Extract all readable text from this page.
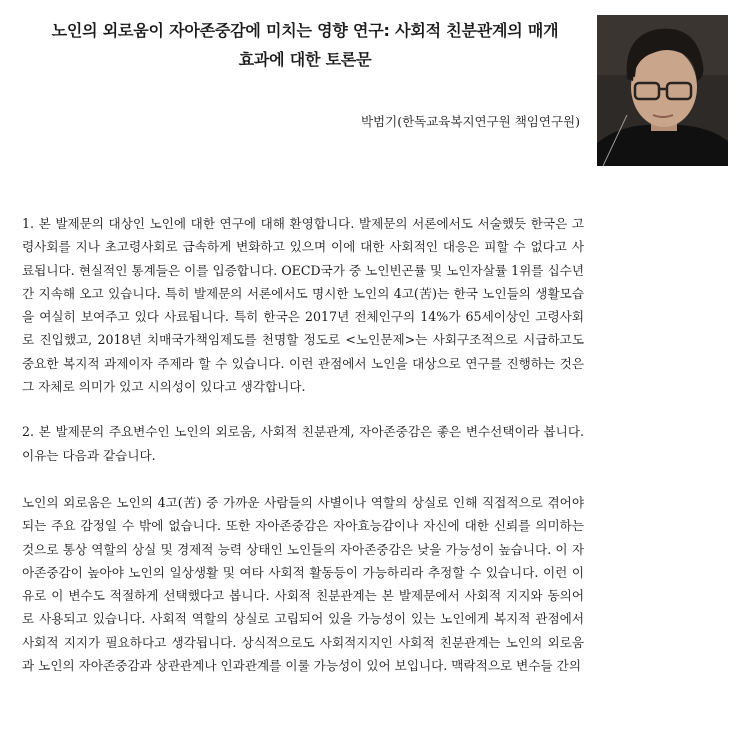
노인의 외로움이 자아존중감에 미치는 영향 연구: 사회적 친분관계의 매개
효과에 대한 토론문

박범기(한독교육복지연구원 책임연구원)

1. 본 발제문의 대상인 노인에 대한 연구에 대해 환영합니다. 발제문의 서론에서도 서술했듯 한국은 고령사회를 지나 초고령사회로 급속하게 변화하고 있으며 이에 대한 사회적인 대응은 피할 수 없다고 사료됩니다. 현실적인 통계들은 이를 입증합니다. OECD국가 중 노인빈곤률 및 노인자살률 1위를 십수년간 지속해 오고 있습니다. 특히 발제문의 서론에서도 명시한 노인의 4고(苦)는 한국 노인들의 생활모습을 여실히 보여주고 있다 사료됩니다. 특히 한국은 2017년 전체인구의 14%가 65세이상인 고령사회로 진입했고, 2018년 치매국가책임제도를 천명할 정도로 <노인문제>는 사회구조적으로 시급하고도 중요한 복지적 과제이자 주제라 할 수 있습니다. 이런 관점에서 노인을 대상으로 연구를 진행하는 것은 그 자체로 의미가 있고 시의성이 있다고 생각합니다.

2. 본 발제문의 주요변수인 노인의 외로움, 사회적 친분관계, 자아존중감은 좋은 변수선택이라 봅니다. 이유는 다음과 같습니다.

노인의 외로움은 노인의 4고(苦) 중 가까운 사람들의 사별이나 역할의 상실로 인해 직접적으로 겪어야 되는 주요 감정일 수 밖에 없습니다. 또한 자아존중감은 자아효능감이나 자신에 대한 신뢰를 의미하는 것으로 통상 역할의 상실 및 경제적 능력 상태인 노인들의 자아존중감은 낮을 가능성이 높습니다. 이 자아존중감이 높아야 노인의 일상생활 및 여타 사회적 활동등이 가능하리라 추정할 수 있습니다. 이런 이유로 이 변수도 적절하게 선택했다고 봅니다. 사회적 친분관계는 본 발제문에서 사회적 지지와 동의어로 사용되고 있습니다. 사회적 역할의 상실로 고립되어 있을 가능성이 있는 노인에게 복지적 관점에서 사회적 지지가 필요하다고 생각됩니다. 상식적으로도 사회적지지인 사회적 친분관계는 노인의 외로움과 노인의 자아존중감과 상관관계나 인과관계를 이룰 가능성이 있어 보입니다. 맥락적으로 변수들 간의
